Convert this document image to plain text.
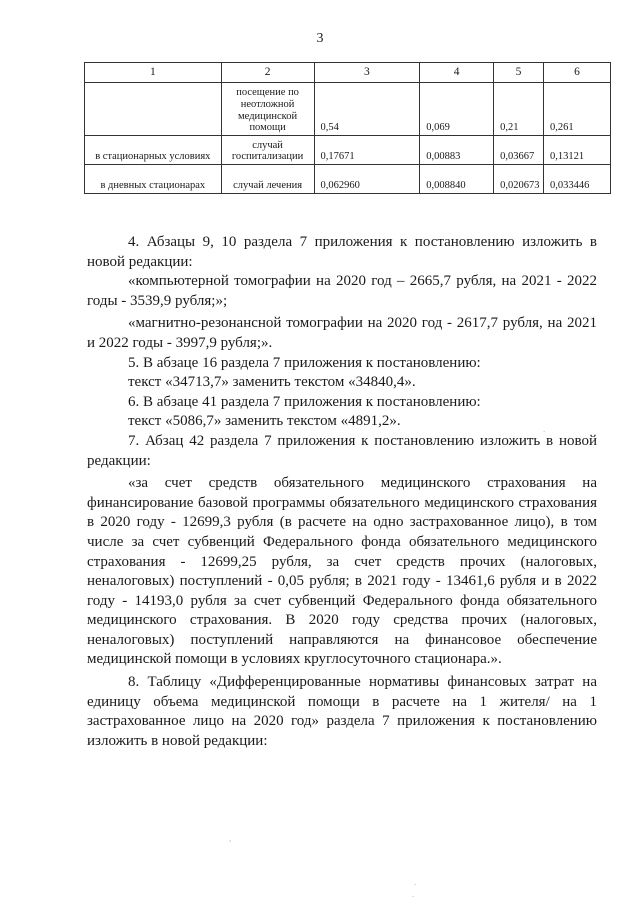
3
1	2	3	4	5	6
	посещение по неотложной медицинской помощи	0,54	0,069	0,21	0,261
в стационарных условиях	случай госпитализации	0,17671	0,00883	0,03667	0,13121
в дневных стационарах	случай лечения	0,062960	0,008840	0,020673	0,033446

4. Абзацы 9, 10 раздела 7 приложения к постановлению изложить в новой редакции:

«компьютерной томографии на 2020 год – 2665,7 рубля, на 2021 - 2022 годы - 3539,9 рубля;»;

«магнитно-резонансной томографии на 2020 год - 2617,7 рубля, на 2021 и 2022 годы - 3997,9 рубля;».

5. В абзаце 16 раздела 7 приложения к постановлению:

текст «34713,7» заменить текстом «34840,4».

6. В абзаце 41 раздела 7 приложения к постановлению:

текст «5086,7» заменить текстом «4891,2».

7. Абзац 42 раздела 7 приложения к постановлению изложить в новой редакции:

«за счет средств обязательного медицинского страхования на финансирование базовой программы обязательного медицинского страхования в 2020 году - 12699,3 рубля (в расчете на одно застрахованное лицо), в том числе за счет субвенций Федерального фонда обязательного медицинского страхования - 12699,25 рубля, за счет средств прочих (налоговых, неналоговых) поступлений - 0,05 рубля; в 2021 году - 13461,6 рубля и в 2022 году - 14193,0 рубля за счет субвенций Федерального фонда обязательного медицинского страхования. В 2020 году средства прочих (налоговых, неналоговых) поступлений направляются на финансовое обеспечение медицинской помощи в условиях круглосуточного стационара.».

8. Таблицу «Дифференцированные нормативы финансовых затрат на единицу объема медицинской помощи в расчете на 1 жителя/ на 1 застрахованное лицо на 2020 год» раздела 7 приложения к постановлению изложить в новой редакции:

.
,
.
.
